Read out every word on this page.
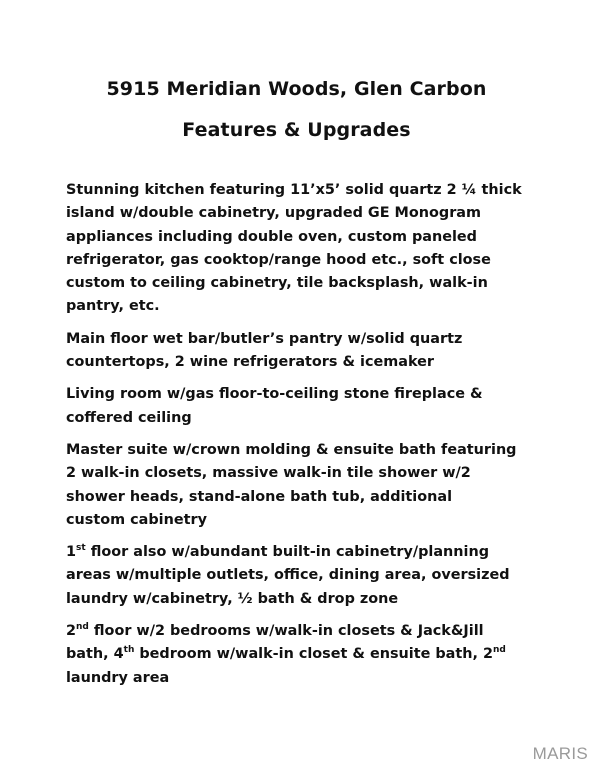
5915 Meridian Woods, Glen Carbon
Features & Upgrades

Stunning kitchen featuring 11’x5’ solid quartz 2 ¼ thick
island w/double cabinetry, upgraded GE Monogram
appliances including double oven, custom paneled
refrigerator, gas cooktop/range hood etc., soft close
custom to ceiling cabinetry, tile backsplash, walk-in
pantry, etc.

Main floor wet bar/butler’s pantry w/solid quartz
countertops, 2 wine refrigerators & icemaker

Living room w/gas floor-to-ceiling stone fireplace &
coffered ceiling

Master suite w/crown molding & ensuite bath featuring
2 walk-in closets, massive walk-in tile shower w/2
shower heads, stand-alone bath tub, additional
custom cabinetry

1st floor also w/abundant built-in cabinetry/planning
areas w/multiple outlets, office, dining area, oversized
laundry w/cabinetry, ½ bath & drop zone

2nd floor w/2 bedrooms w/walk-in closets & Jack&Jill
bath, 4th bedroom w/walk-in closet & ensuite bath, 2nd
laundry area

MARIS
